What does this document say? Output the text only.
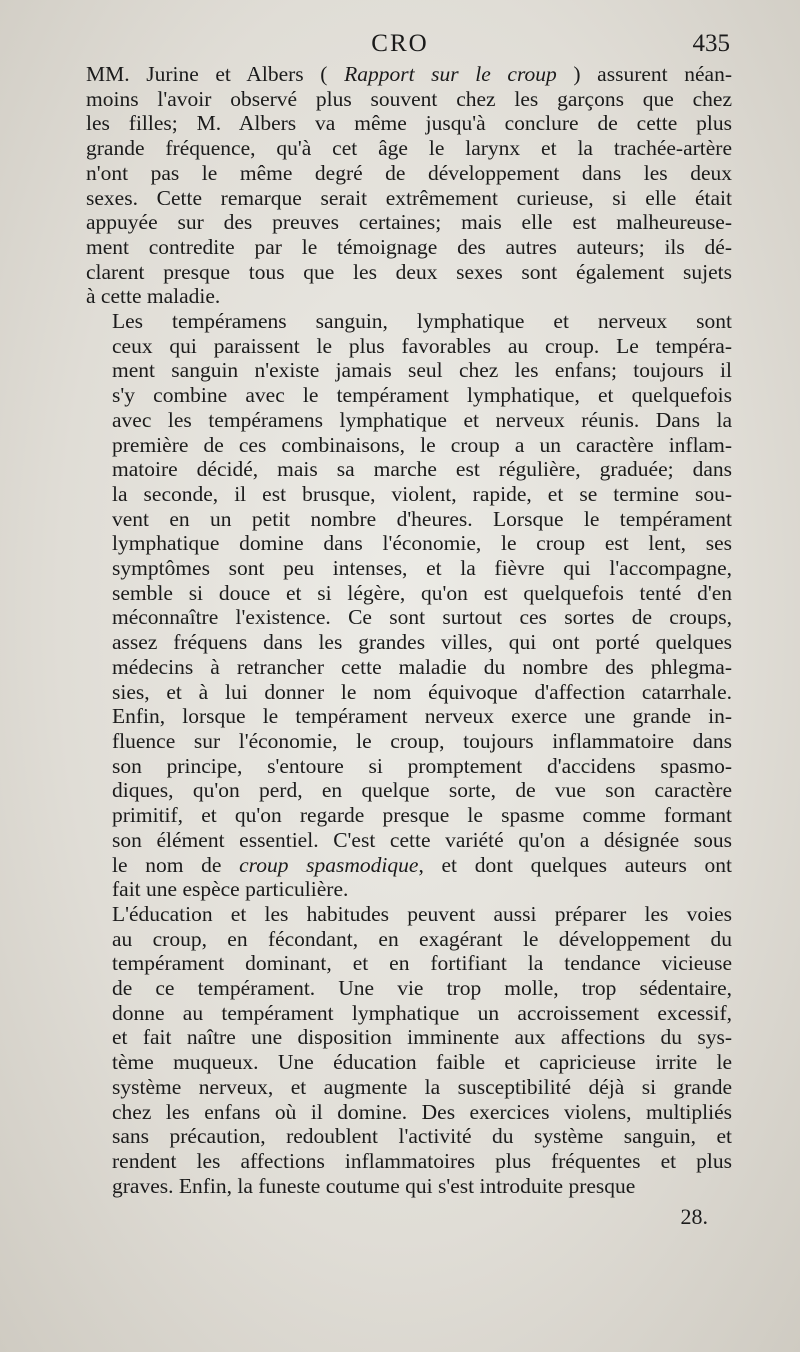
CRO	435

MM. Jurine et Albers ( Rapport sur le croup ) assurent néan-
moins l'avoir observé plus souvent chez les garçons que chez
les filles; M. Albers va même jusqu'à conclure de cette plus
grande fréquence, qu'à cet âge le larynx et la trachée-artère
n'ont pas le même degré de développement dans les deux
sexes. Cette remarque serait extrêmement curieuse, si elle était
appuyée sur des preuves certaines; mais elle est malheureuse-
ment contredite par le témoignage des autres auteurs; ils dé-
clarent presque tous que les deux sexes sont également sujets
à cette maladie.

Les tempéramens sanguin, lymphatique et nerveux sont
ceux qui paraissent le plus favorables au croup. Le tempéra-
ment sanguin n'existe jamais seul chez les enfans; toujours il
s'y combine avec le tempérament lymphatique, et quelquefois
avec les tempéramens lymphatique et nerveux réunis. Dans la
première de ces combinaisons, le croup a un caractère inflam-
matoire décidé, mais sa marche est régulière, graduée; dans
la seconde, il est brusque, violent, rapide, et se termine sou-
vent en un petit nombre d'heures. Lorsque le tempérament
lymphatique domine dans l'économie, le croup est lent, ses
symptômes sont peu intenses, et la fièvre qui l'accompagne,
semble si douce et si légère, qu'on est quelquefois tenté d'en
méconnaître l'existence. Ce sont surtout ces sortes de croups,
assez fréquens dans les grandes villes, qui ont porté quelques
médecins à retrancher cette maladie du nombre des phlegma-
sies, et à lui donner le nom équivoque d'affection catarrhale.
Enfin, lorsque le tempérament nerveux exerce une grande in-
fluence sur l'économie, le croup, toujours inflammatoire dans
son principe, s'entoure si promptement d'accidens spasmo-
diques, qu'on perd, en quelque sorte, de vue son caractère
primitif, et qu'on regarde presque le spasme comme formant
son élément essentiel. C'est cette variété qu'on a désignée sous
le nom de croup spasmodique, et dont quelques auteurs ont
fait une espèce particulière.

L'éducation et les habitudes peuvent aussi préparer les voies
au croup, en fécondant, en exagérant le développement du
tempérament dominant, et en fortifiant la tendance vicieuse
de ce tempérament. Une vie trop molle, trop sédentaire,
donne au tempérament lymphatique un accroissement excessif,
et fait naître une disposition imminente aux affections du sys-
tème muqueux. Une éducation faible et capricieuse irrite le
système nerveux, et augmente la susceptibilité déjà si grande
chez les enfans où il domine. Des exercices violens, multipliés
sans précaution, redoublent l'activité du système sanguin, et
rendent les affections inflammatoires plus fréquentes et plus
graves. Enfin, la funeste coutume qui s'est introduite presque

28.
